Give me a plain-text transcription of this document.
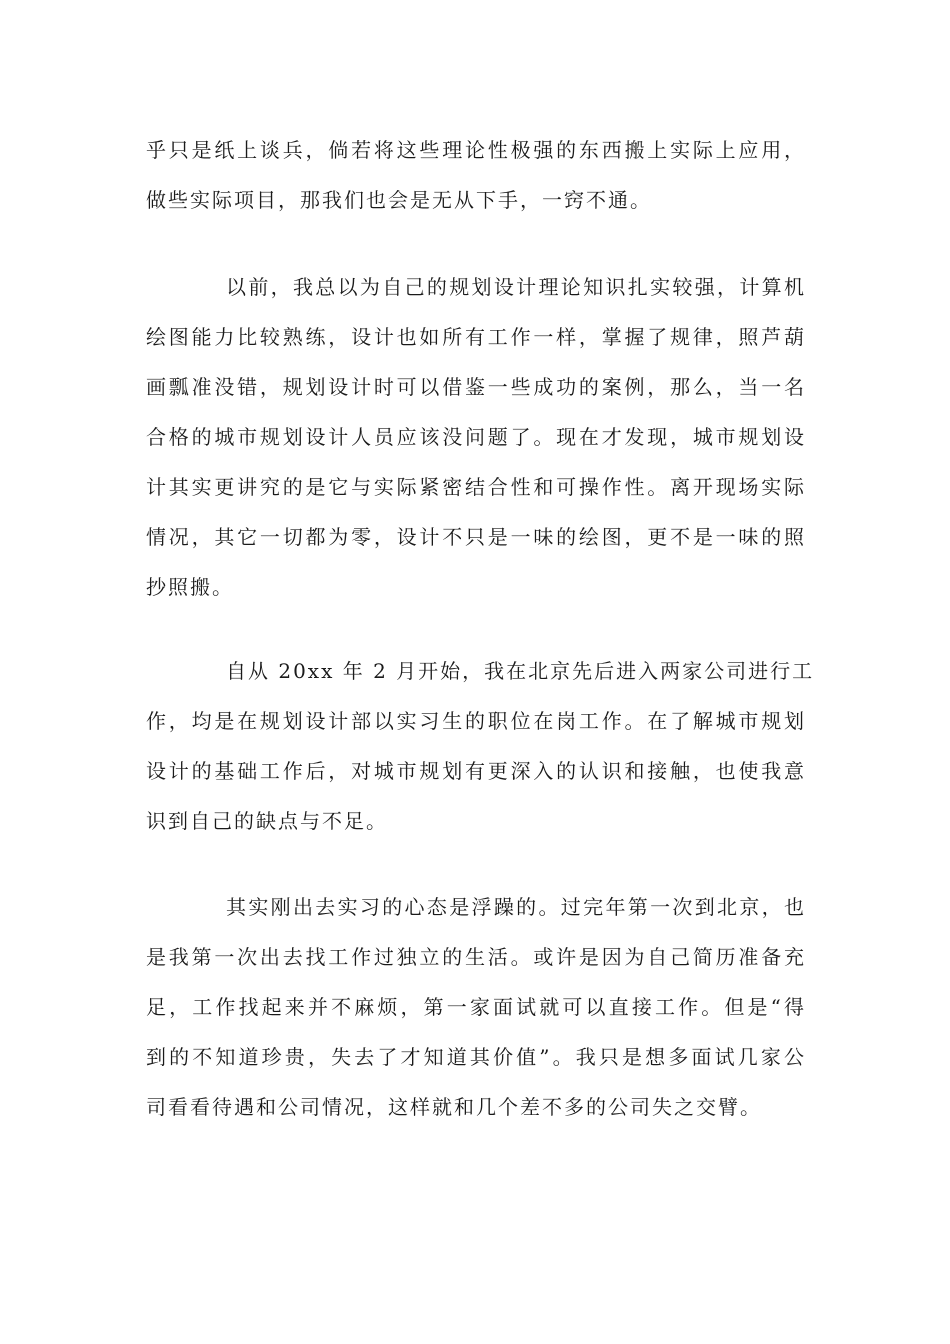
乎只是纸上谈兵，倘若将这些理论性极强的东西搬上实际上应用，
做些实际项目，那我们也会是无从下手，一窍不通。
以前，我总以为自己的规划设计理论知识扎实较强，计算机
绘图能力比较熟练，设计也如所有工作一样，掌握了规律，照芦葫
画瓢准没错，规划设计时可以借鉴一些成功的案例，那么，当一名
合格的城市规划设计人员应该没问题了。现在才发现，城市规划设
计其实更讲究的是它与实际紧密结合性和可操作性。离开现场实际
情况，其它一切都为零，设计不只是一味的绘图，更不是一味的照
抄照搬。
自从 20xx 年 2 月开始，我在北京先后进入两家公司进行工
作，均是在规划设计部以实习生的职位在岗工作。在了解城市规划
设计的基础工作后，对城市规划有更深入的认识和接触，也使我意
识到自己的缺点与不足。
其实刚出去实习的心态是浮躁的。过完年第一次到北京，也
是我第一次出去找工作过独立的生活。或许是因为自己简历准备充
足，工作找起来并不麻烦，第一家面试就可以直接工作。但是“得
到的不知道珍贵，失去了才知道其价值”。我只是想多面试几家公
司看看待遇和公司情况，这样就和几个差不多的公司失之交臂。
